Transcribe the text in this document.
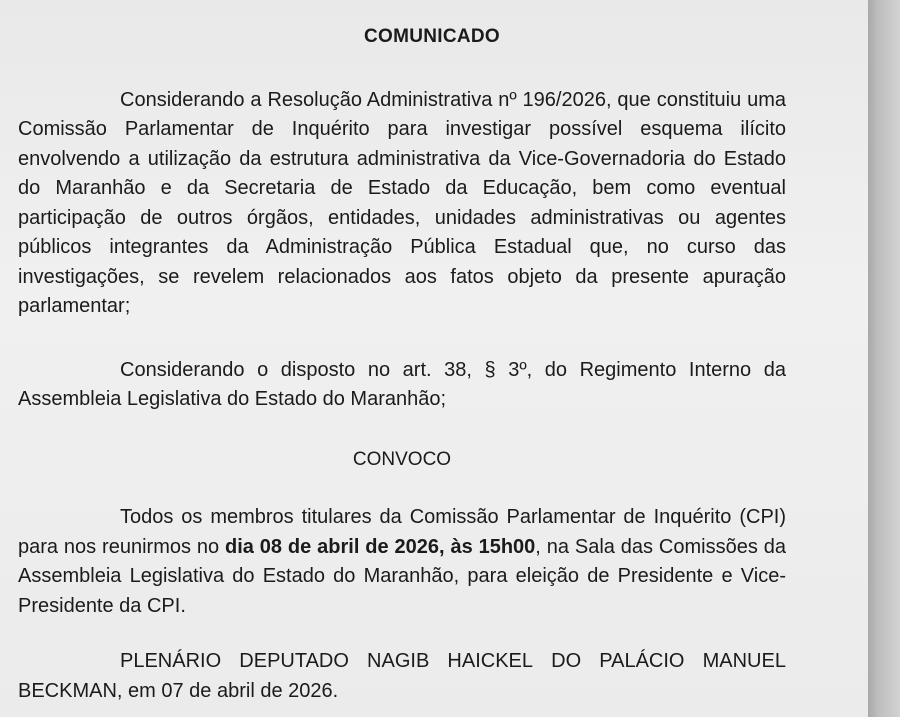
COMUNICADO

Considerando a Resolução Administrativa nº 196/2026, que constituiu uma Comissão Parlamentar de Inquérito para investigar possível esquema ilícito envolvendo a utilização da estrutura administrativa da Vice-Governadoria do Estado do Maranhão e da Secretaria de Estado da Educação, bem como eventual participação de outros órgãos, entidades, unidades administrativas ou agentes públicos integrantes da Administração Pública Estadual que, no curso das investigações, se revelem relacionados aos fatos objeto da presente apuração parlamentar;

Considerando o disposto no art. 38, § 3º, do Regimento Interno da Assembleia Legislativa do Estado do Maranhão;

CONVOCO

Todos os membros titulares da Comissão Parlamentar de Inquérito (CPI) para nos reunirmos no dia 08 de abril de 2026, às 15h00, na Sala das Comissões da Assembleia Legislativa do Estado do Maranhão, para eleição de Presidente e Vice-Presidente da CPI.

PLENÁRIO DEPUTADO NAGIB HAICKEL DO PALÁCIO MANUEL
BECKMAN, em 07 de abril de 2026.
